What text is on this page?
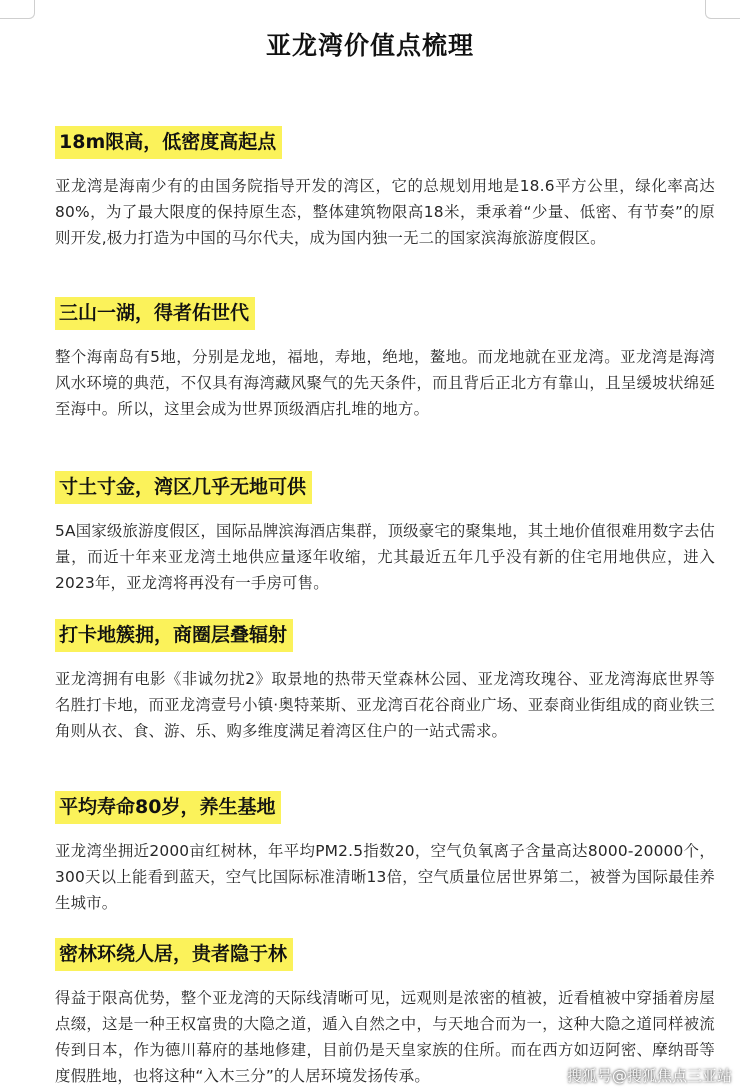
亚龙湾价值点梳理
18m限高，低密度高起点
亚龙湾是海南少有的由国务院指导开发的湾区，它的总规划用地是18.6平方公里，绿化率高达80%，为了最大限度的保持原生态，整体建筑物限高18米，秉承着“少量、低密、有节奏”的原则开发,极力打造为中国的马尔代夫，成为国内独一无二的国家滨海旅游度假区。
三山一湖，得者佑世代
整个海南岛有5地，分别是龙地，福地，寿地，绝地，鳌地。而龙地就在亚龙湾。亚龙湾是海湾风水环境的典范，不仅具有海湾藏风聚气的先天条件，而且背后正北方有靠山，且呈缓坡状绵延至海中。所以，这里会成为世界顶级酒店扎堆的地方。
寸土寸金，湾区几乎无地可供
5A国家级旅游度假区，国际品牌滨海酒店集群，顶级豪宅的聚集地，其土地价值很难用数字去估量，而近十年来亚龙湾土地供应量逐年收缩，尤其最近五年几乎没有新的住宅用地供应，进入2023年，亚龙湾将再没有一手房可售。
打卡地簇拥，商圈层叠辐射
亚龙湾拥有电影《非诚勿扰2》取景地的热带天堂森林公园、亚龙湾玫瑰谷、亚龙湾海底世界等名胜打卡地，而亚龙湾壹号小镇·奥特莱斯、亚龙湾百花谷商业广场、亚泰商业街组成的商业铁三角则从衣、食、游、乐、购多维度满足着湾区住户的一站式需求。
平均寿命80岁，养生基地
亚龙湾坐拥近2000亩红树林，年平均PM2.5指数20，空气负氧离子含量高达8000-20000个，300天以上能看到蓝天，空气比国际标准清晰13倍，空气质量位居世界第二，被誉为国际最佳养生城市。
密林环绕人居，贵者隐于林
得益于限高优势，整个亚龙湾的天际线清晰可见，远观则是浓密的植被，近看植被中穿插着房屋点缀，这是一种王权富贵的大隐之道，遁入自然之中，与天地合而为一，这种大隐之道同样被流传到日本，作为德川幕府的基地修建，目前仍是天皇家族的住所。而在西方如迈阿密、摩纳哥等度假胜地，也将这种“入木三分”的人居环境发扬传承。	搜狐号@搜狐焦点三亚站
